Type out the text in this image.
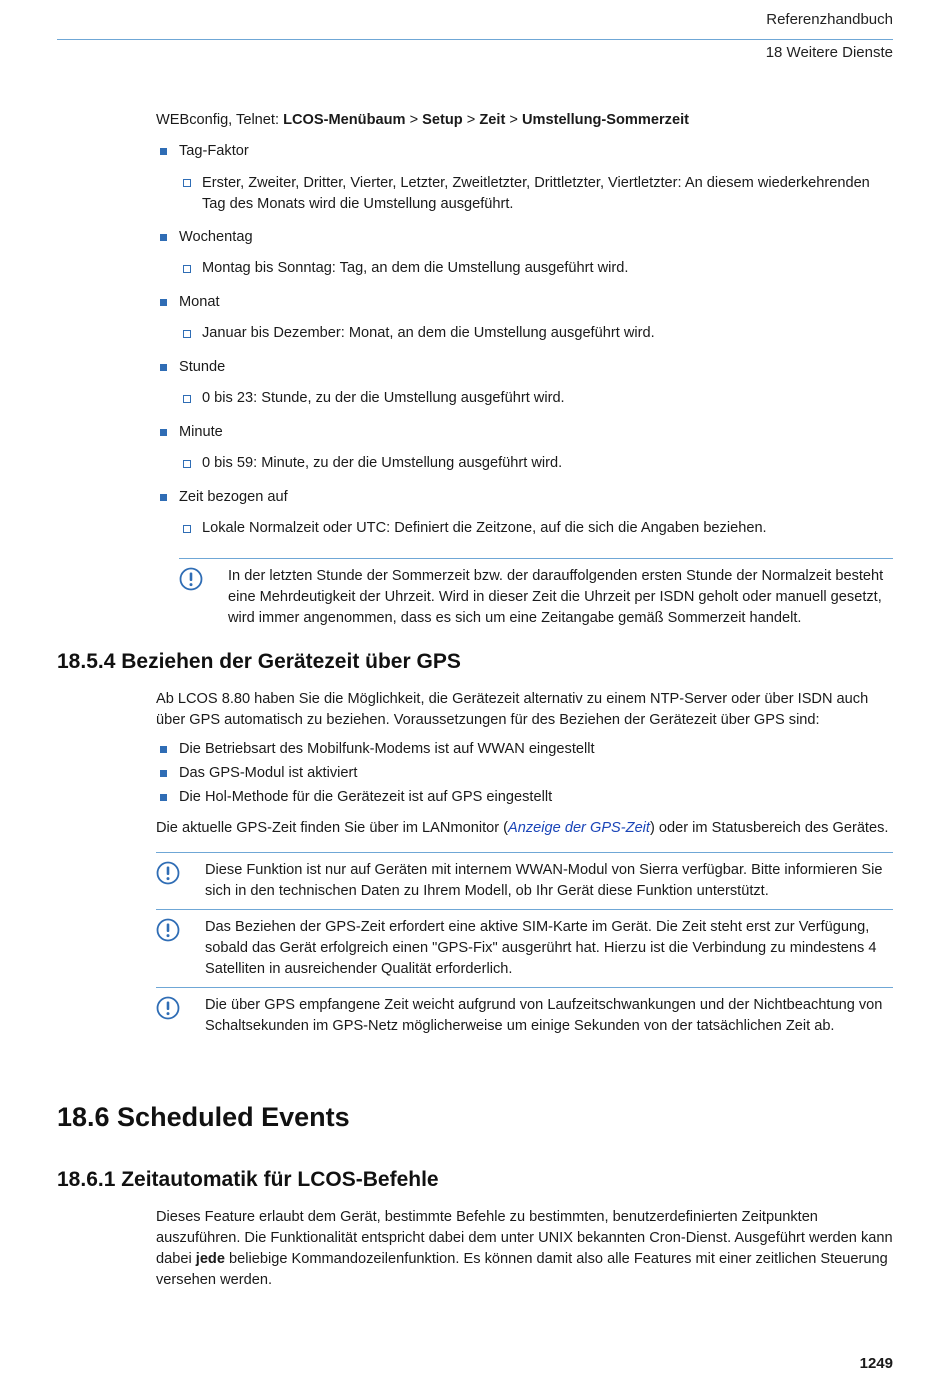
Referenzhandbuch
18 Weitere Dienste
WEBconfig, Telnet: LCOS-Menübaum > Setup > Zeit > Umstellung-Sommerzeit
Tag-Faktor
Erster, Zweiter, Dritter, Vierter, Letzter, Zweitletzter, Drittletzter, Viertletzter: An diesem wiederkehrenden Tag des Monats wird die Umstellung ausgeführt.
Wochentag
Montag bis Sonntag: Tag, an dem die Umstellung ausgeführt wird.
Monat
Januar bis Dezember: Monat, an dem die Umstellung ausgeführt wird.
Stunde
0 bis 23: Stunde, zu der die Umstellung ausgeführt wird.
Minute
0 bis 59: Minute, zu der die Umstellung ausgeführt wird.
Zeit bezogen auf
Lokale Normalzeit oder UTC: Definiert die Zeitzone, auf die sich die Angaben beziehen.
In der letzten Stunde der Sommerzeit bzw. der darauffolgenden ersten Stunde der Normalzeit besteht eine Mehrdeutigkeit der Uhrzeit. Wird in dieser Zeit die Uhrzeit per ISDN geholt oder manuell gesetzt, wird immer angenommen, dass es sich um eine Zeitangabe gemäß Sommerzeit handelt.
18.5.4 Beziehen der Gerätezeit über GPS
Ab LCOS 8.80 haben Sie die Möglichkeit, die Gerätezeit alternativ zu einem NTP-Server oder über ISDN auch über GPS automatisch zu beziehen. Voraussetzungen für des Beziehen der Gerätezeit über GPS sind:
Die Betriebsart des Mobilfunk-Modems ist auf WWAN eingestellt
Das GPS-Modul ist aktiviert
Die Hol-Methode für die Gerätezeit ist auf GPS eingestellt
Die aktuelle GPS-Zeit finden Sie über im LANmonitor (Anzeige der GPS-Zeit) oder im Statusbereich des Gerätes.
Diese Funktion ist nur auf Geräten mit internem WWAN-Modul von Sierra verfügbar. Bitte informieren Sie sich in den technischen Daten zu Ihrem Modell, ob Ihr Gerät diese Funktion unterstützt.
Das Beziehen der GPS-Zeit erfordert eine aktive SIM-Karte im Gerät. Die Zeit steht erst zur Verfügung, sobald das Gerät erfolgreich einen "GPS-Fix" ausgerührt hat. Hierzu ist die Verbindung zu mindestens 4 Satelliten in ausreichender Qualität erforderlich.
Die über GPS empfangene Zeit weicht aufgrund von Laufzeitschwankungen und der Nichtbeachtung von Schaltsekunden im GPS-Netz möglicherweise um einige Sekunden von der tatsächlichen Zeit ab.
18.6 Scheduled Events
18.6.1 Zeitautomatik für LCOS-Befehle
Dieses Feature erlaubt dem Gerät, bestimmte Befehle zu bestimmten, benutzerdefinierten Zeitpunkten auszuführen. Die Funktionalität entspricht dabei dem unter UNIX bekannten Cron-Dienst. Ausgeführt werden kann dabei jede beliebige Kommandozeilenfunktion. Es können damit also alle Features mit einer zeitlichen Steuerung versehen werden.
1249
